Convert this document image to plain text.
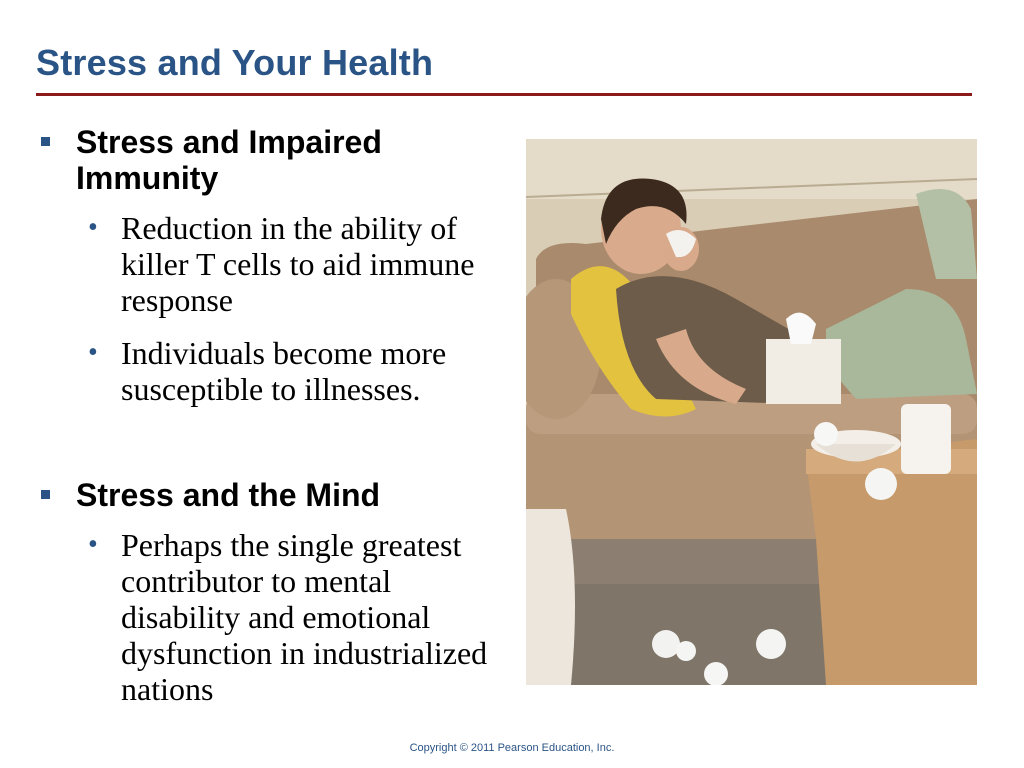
Stress and Your Health
Stress and Impaired Immunity
• Reduction in the ability of killer T cells to aid immune response
• Individuals become more susceptible to illnesses.
Stress and the Mind
• Perhaps the single greatest contributor to mental disability and emotional dysfunction in industrialized nations
Copyright © 2011 Pearson Education, Inc.
